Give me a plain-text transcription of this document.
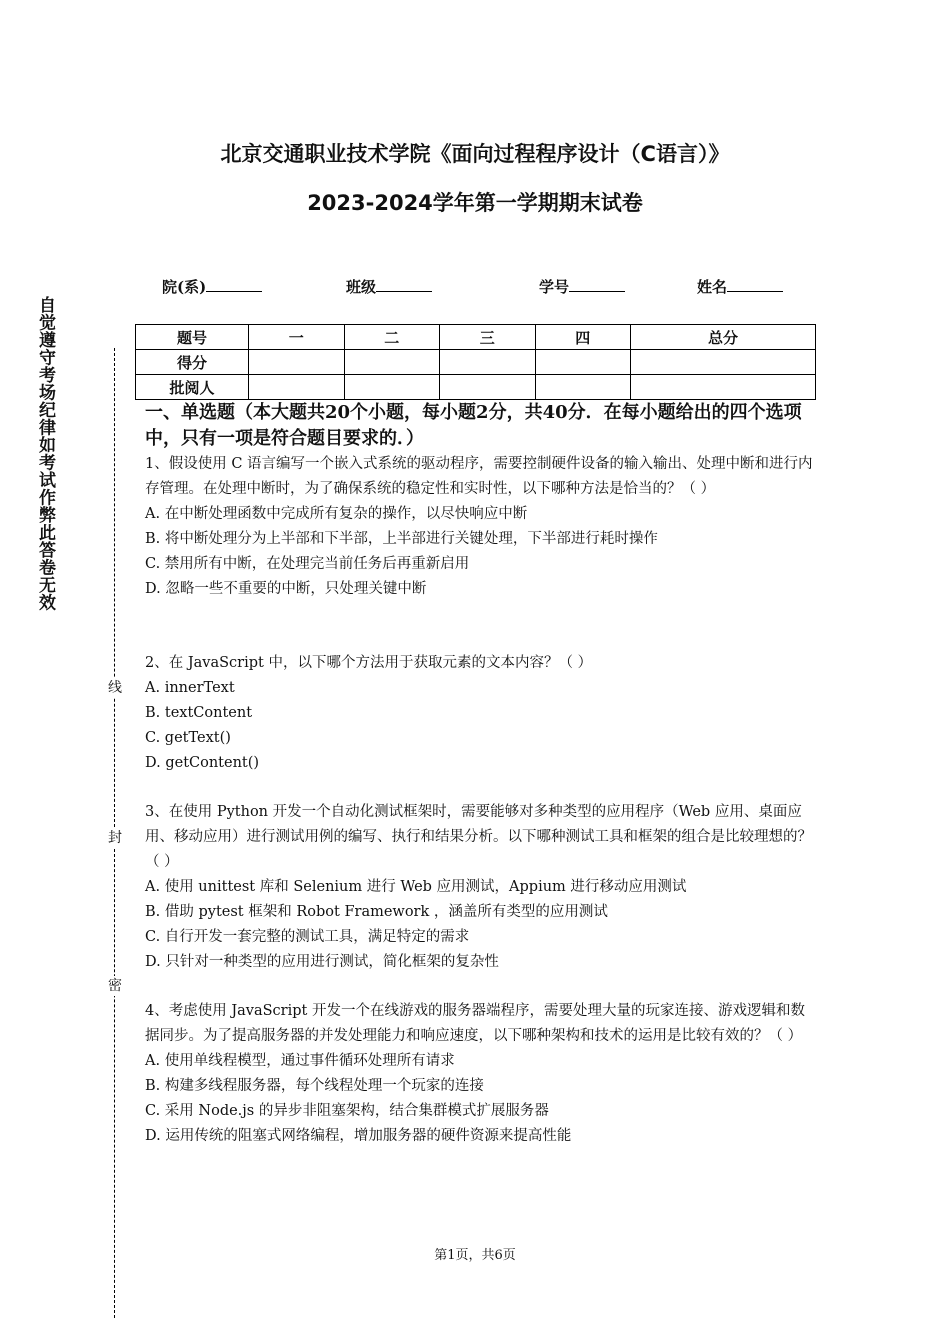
北京交通职业技术学院《面向过程程序设计（C语言）》
2023-2024学年第一学期期末试卷
院(系)	班级	学号	姓名
题号	一	二	三	四	总分
得分					
批阅人					
自觉遵守考场纪律如考试作弊此答卷无效
线
封
密
一、单选题（本大题共20个小题，每小题2分，共40分．在每小题给出的四个选项中，只有一项是符合题目要求的．）

1、假设使用 C 语言编写一个嵌入式系统的驱动程序，需要控制硬件设备的输入输出、处理中断和进行内存管理。在处理中断时，为了确保系统的稳定性和实时性，以下哪种方法是恰当的？（ ）

A. 在中断处理函数中完成所有复杂的操作，以尽快响应中断

B. 将中断处理分为上半部和下半部，上半部进行关键处理，下半部进行耗时操作

C. 禁用所有中断，在处理完当前任务后再重新启用

D. 忽略一些不重要的中断，只处理关键中断

2、在 JavaScript 中，以下哪个方法用于获取元素的文本内容？（ ）

A. innerText

B. textContent

C. getText()

D. getContent()

3、在使用 Python 开发一个自动化测试框架时，需要能够对多种类型的应用程序（Web 应用、桌面应用、移动应用）进行测试用例的编写、执行和结果分析。以下哪种测试工具和框架的组合是比较理想的？（ ）

A. 使用 unittest 库和 Selenium 进行 Web 应用测试，Appium 进行移动应用测试

B. 借助 pytest 框架和 Robot Framework ，涵盖所有类型的应用测试

C. 自行开发一套完整的测试工具，满足特定的需求

D. 只针对一种类型的应用进行测试，简化框架的复杂性

4、考虑使用 JavaScript 开发一个在线游戏的服务器端程序，需要处理大量的玩家连接、游戏逻辑和数据同步。为了提高服务器的并发处理能力和响应速度，以下哪种架构和技术的运用是比较有效的？（ ）

A. 使用单线程模型，通过事件循环处理所有请求

B. 构建多线程服务器，每个线程处理一个玩家的连接

C. 采用 Node.js 的异步非阻塞架构，结合集群模式扩展服务器

D. 运用传统的阻塞式网络编程，增加服务器的硬件资源来提高性能

第1页，共6页
